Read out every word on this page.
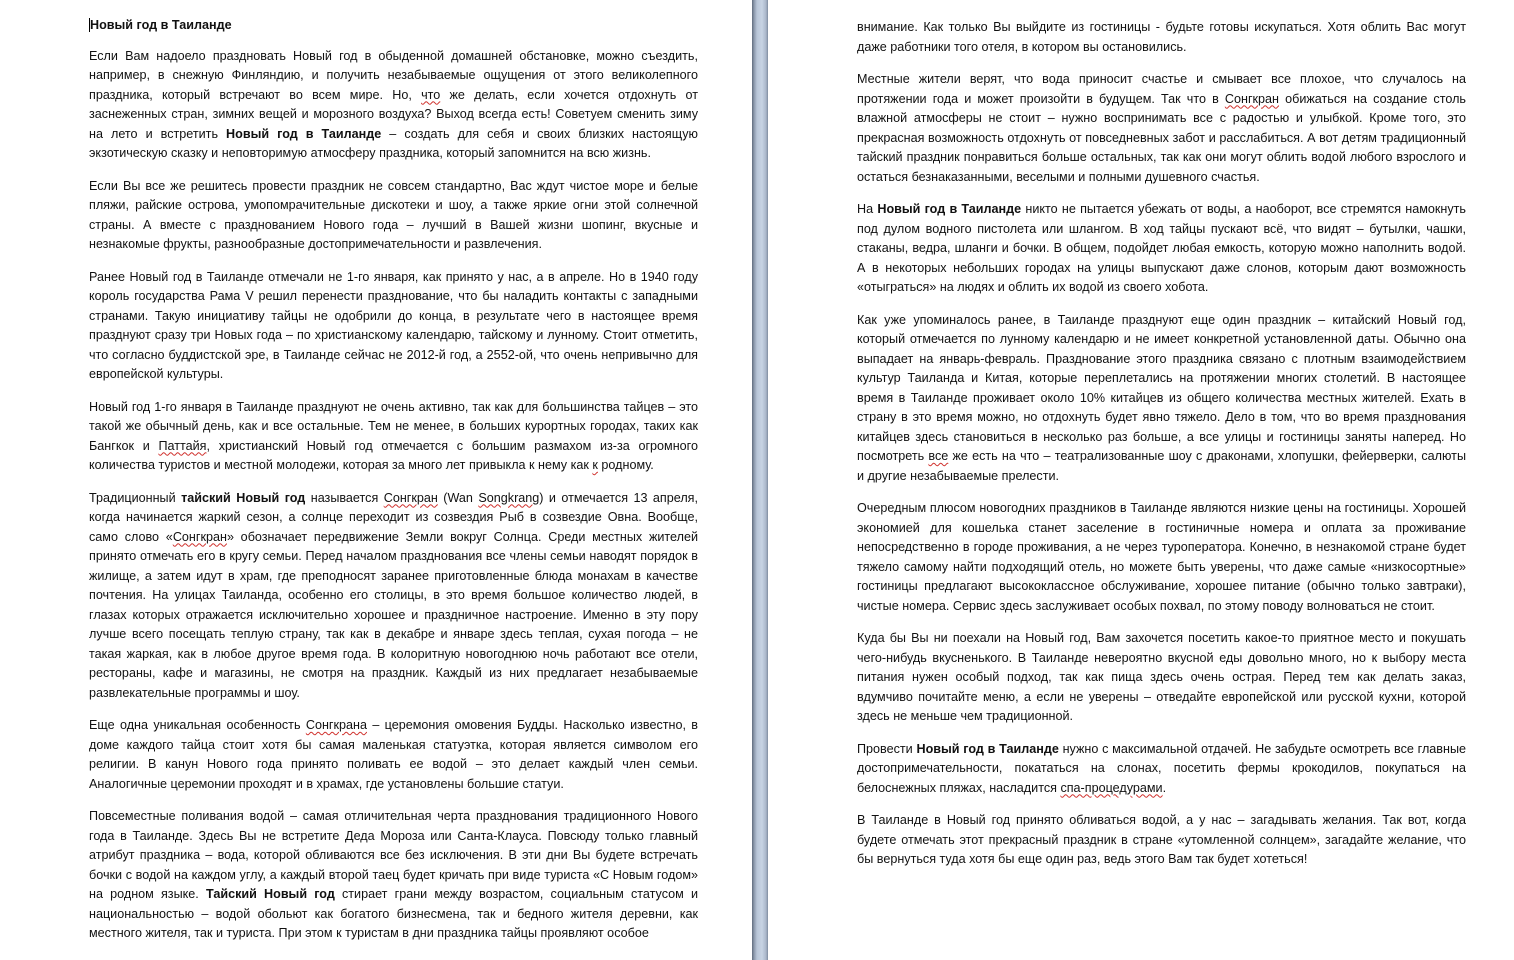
Новый год в Таиланде

Если Вам надоело праздновать Новый год в обыденной домашней обстановке, можно съездить, например, в снежную Финляндию, и получить незабываемые ощущения от этого великолепного праздника, который встречают во всем мире. Но, что же делать, если хочется отдохнуть от заснеженных стран, зимних вещей и морозного воздуха? Выход всегда есть! Советуем сменить зиму на лето и встретить Новый год в Таиланде – создать для себя и своих близких настоящую экзотическую сказку и неповторимую атмосферу праздника, который запомнится на всю жизнь.

Если Вы все же решитесь провести праздник не совсем стандартно, Вас ждут чистое море и белые пляжи, райские острова, умопомрачительные дискотеки и шоу, а также яркие огни этой солнечной страны. А вместе с празднованием Нового года – лучший в Вашей жизни шопинг, вкусные и незнакомые фрукты, разнообразные достопримечательности и развлечения.

Ранее Новый год в Таиланде отмечали не 1-го января, как принято у нас, а в апреле. Но в 1940 году король государства Рама V решил перенести празднование, что бы наладить контакты с западными странами. Такую инициативу тайцы не одобрили до конца, в результате чего в настоящее время празднуют сразу три Новых года – по христианскому календарю, тайскому и лунному. Стоит отметить, что согласно буддистской эре, в Таиланде сейчас не 2012-й год, а 2552-ой, что очень непривычно для европейской культуры.

Новый год 1-го января в Таиланде празднуют не очень активно, так как для большинства тайцев – это такой же обычный день, как и все остальные. Тем не менее, в больших курортных городах, таких как Бангкок и Паттайя, христианский Новый год отмечается с большим размахом из-за огромного количества туристов и местной молодежи, которая за много лет привыкла к нему как к родному.

Традиционный тайский Новый год называется Сонгкран (Wan Songkrang) и отмечается 13 апреля, когда начинается жаркий сезон, а солнце переходит из созвездия Рыб в созвездие Овна. Вообще, само слово «Сонгкран» обозначает передвижение Земли вокруг Солнца. Среди местных жителей принято отмечать его в кругу семьи. Перед началом празднования все члены семьи наводят порядок в жилище, а затем идут в храм, где преподносят заранее приготовленные блюда монахам в качестве почтения. На улицах Таиланда, особенно его столицы, в это время большое количество людей, в глазах которых отражается исключительно хорошее и праздничное настроение. Именно в эту пору лучше всего посещать теплую страну, так как в декабре и январе здесь теплая, сухая погода – не такая жаркая, как в любое другое время года. В колоритную новогоднюю ночь работают все отели, рестораны, кафе и магазины, не смотря на праздник. Каждый из них предлагает незабываемые развлекательные программы и шоу.

Еще одна уникальная особенность Сонгкрана – церемония омовения Будды. Насколько известно, в доме каждого тайца стоит хотя бы самая маленькая статуэтка, которая является символом его религии. В канун Нового года принято поливать ее водой – это делает каждый член семьи. Аналогичные церемонии проходят и в храмах, где установлены большие статуи.

Повсеместные поливания водой – самая отличительная черта празднования традиционного Нового года в Таиланде. Здесь Вы не встретите Деда Мороза или Санта-Клауса. Повсюду только главный атрибут праздника – вода, которой обливаются все без исключения. В эти дни Вы будете встречать бочки с водой на каждом углу, а каждый второй таец будет кричать при виде туриста «С Новым годом» на родном языке. Тайский Новый год стирает грани между возрастом, социальным статусом и национальностью – водой обольют как богатого бизнесмена, так и бедного жителя деревни, как местного жителя, так и туриста. При этом к туристам в дни праздника тайцы проявляют особое

внимание. Как только Вы выйдите из гостиницы - будьте готовы искупаться. Хотя облить Вас могут даже работники того отеля, в котором вы остановились.

Местные жители верят, что вода приносит счастье и смывает все плохое, что случалось на протяжении года и может произойти в будущем. Так что в Сонгкран обижаться на создание столь влажной атмосферы не стоит – нужно воспринимать все с радостью и улыбкой. Кроме того, это прекрасная возможность отдохнуть от повседневных забот и расслабиться. А вот детям традиционный тайский праздник понравиться больше остальных, так как они могут облить водой любого взрослого и остаться безнаказанными, веселыми и полными душевного счастья.

На Новый год в Таиланде никто не пытается убежать от воды, а наоборот, все стремятся намокнуть под дулом водного пистолета или шлангом. В ход тайцы пускают всё, что видят – бутылки, чашки, стаканы, ведра, шланги и бочки. В общем, подойдет любая емкость, которую можно наполнить водой. А в некоторых небольших городах на улицы выпускают даже слонов, которым дают возможность «отыграться» на людях и облить их водой из своего хобота.

Как уже упоминалось ранее, в Таиланде празднуют еще один праздник – китайский Новый год, который отмечается по лунному календарю и не имеет конкретной установленной даты. Обычно она выпадает на январь-февраль. Празднование этого праздника связано с плотным взаимодействием культур Таиланда и Китая, которые переплетались на протяжении многих столетий. В настоящее время в Таиланде проживает около 10% китайцев из общего количества местных жителей. Ехать в страну в это время можно, но отдохнуть будет явно тяжело. Дело в том, что во время празднования китайцев здесь становиться в несколько раз больше, а все улицы и гостиницы заняты наперед. Но посмотреть все же есть на что – театрализованные шоу с драконами, хлопушки, фейерверки, салюты и другие незабываемые прелести.

Очередным плюсом новогодних праздников в Таиланде являются низкие цены на гостиницы. Хорошей экономией для кошелька станет заселение в гостиничные номера и оплата за проживание непосредственно в городе проживания, а не через туроператора. Конечно, в незнакомой стране будет тяжело самому найти подходящий отель, но можете быть уверены, что даже самые «низкосортные» гостиницы предлагают высококлассное обслуживание, хорошее питание (обычно только завтраки), чистые номера. Сервис здесь заслуживает особых похвал, по этому поводу волноваться не стоит.

Куда бы Вы ни поехали на Новый год, Вам захочется посетить какое-то приятное место и покушать чего-нибудь вкусненького. В Таиланде невероятно вкусной еды довольно много, но к выбору места питания нужен особый подход, так как пища здесь очень острая. Перед тем как делать заказ, вдумчиво почитайте меню, а если не уверены – отведайте европейской или русской кухни, которой здесь не меньше чем традиционной.

Провести Новый год в Таиланде нужно с максимальной отдачей. Не забудьте осмотреть все главные достопримечательности, покататься на слонах, посетить фермы крокодилов, покупаться на белоснежных пляжах, насладится спа-процедурами.

В Таиланде в Новый год принято обливаться водой, а у нас – загадывать желания. Так вот, когда будете отмечать этот прекрасный праздник в стране «утомленной солнцем», загадайте желание, что бы вернуться туда хотя бы еще один раз, ведь этого Вам так будет хотеться!
